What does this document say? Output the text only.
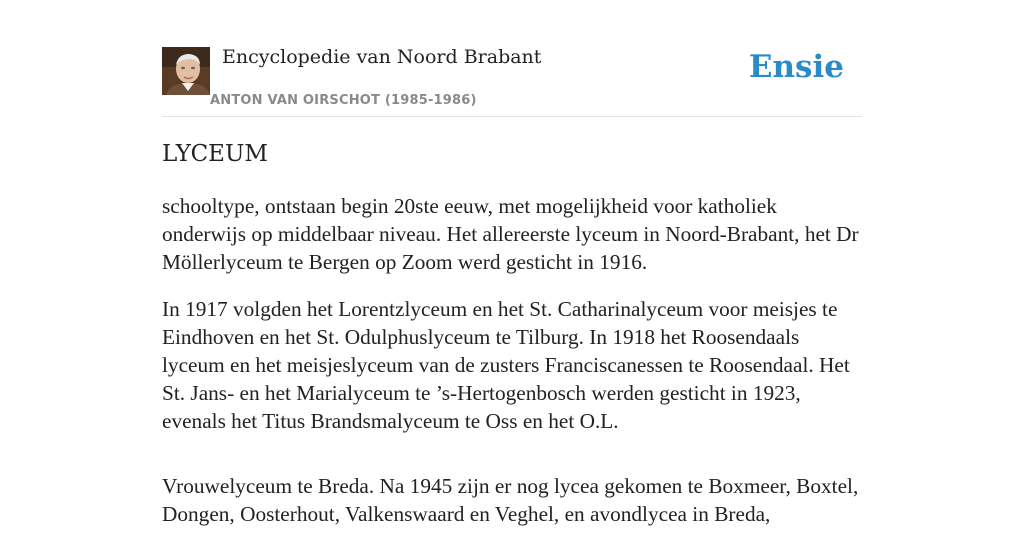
Encyclopedie van Noord Brabant
ANTON VAN OIRSCHOT (1985-1986)
Ensie
LYCEUM

schooltype, ontstaan begin 20ste eeuw, met mogelijkheid voor katholiek onderwijs op middelbaar niveau. Het allereerste lyceum in Noord-Brabant, het Dr Möllerlyceum te Bergen op Zoom werd gesticht in 1916.

In 1917 volgden het Lorentzlyceum en het St. Catharinalyceum voor meisjes te Eindhoven en het St. Odulphuslyceum te Tilburg. In 1918 het Roosendaals lyceum en het meisjeslyceum van de zusters Franciscanessen te Roosendaal. Het St. Jans- en het Marialyceum te ’s-Hertogenbosch werden gesticht in 1923, evenals het Titus Brandsmalyceum te Oss en het O.L.

Vrouwelyceum te Breda. Na 1945 zijn er nog lycea gekomen te Boxmeer, Boxtel, Dongen, Oosterhout, Valkenswaard en Veghel, en avondlycea in Breda,
